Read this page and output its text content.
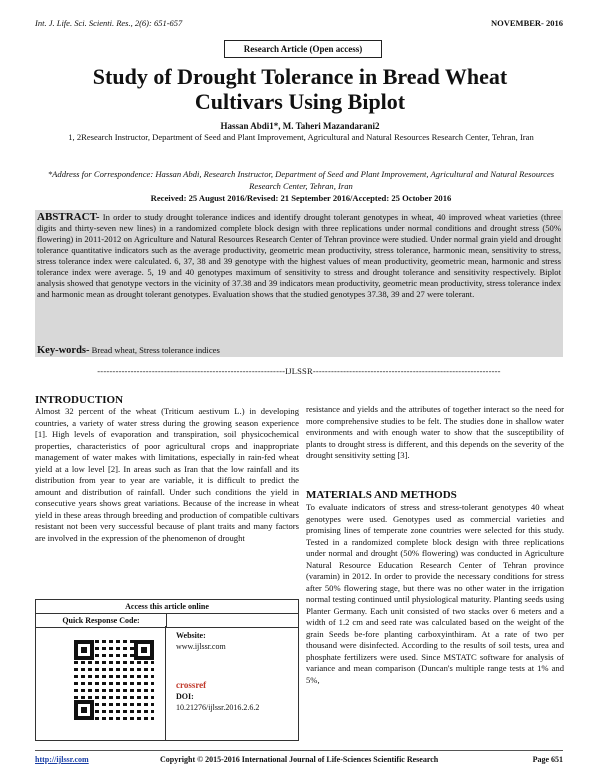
Int. J. Life. Sci. Scienti. Res., 2(6): 651-657	NOVEMBER- 2016
Research Article (Open access)
Study of Drought Tolerance in Bread Wheat
Cultivars Using Biplot
Hassan Abdi1*, M. Taheri Mazandarani2
1, 2Research Instructor, Department of Seed and Plant Improvement, Agricultural and Natural Resources Research Center, Tehran, Iran
*Address for Correspondence: Hassan Abdi, Research Instructor, Department of Seed and Plant Improvement, Agricultural and Natural Resources Research Center, Tehran, Iran
Received: 25 August 2016/Revised: 21 September 2016/Accepted: 25 October 2016
ABSTRACT- In order to study drought tolerance indices and identify drought tolerant genotypes in wheat, 40 improved wheat varieties (three digits and thirty-seven new lines) in a randomized complete block design with three replications under normal conditions and drought stress (50% flowering) in 2011-2012 on Agriculture and Natural Resources Research Center of Tehran province were studied. Under normal grain yield and drought tolerance quantitative indicators such as the average productivity, geometric mean productivity, stress tolerance, harmonic mean, sensitivity to stress, stress tolerance index were calculated. 6, 37, 38 and 39 genotype with the highest values of mean productivity, geometric mean, harmonic and stress tolerance index were average. 5, 19 and 40 genotypes maximum of sensitivity to stress and drought tolerance and sensitivity respectively. Biplot analysis showed that genotype vectors in the vicinity of 37.38 and 39 indicators mean productivity, geometric mean productivity, stress tolerance index and harmonic mean as drought tolerant genotypes. Evaluation shows that the studied genotypes 37.38, 39 and 27 were tolerant.
Key-words- Bread wheat, Stress tolerance indices
--------------------------------------------------------------IJLSSR--------------------------------------------------------------
INTRODUCTION

Almost 32 percent of the wheat (Triticum aestivum L.) in developing countries, a variety of water stress during the growing season experience [1]. High levels of evaporation and transpiration, soil physicochemical properties, characteristics of poor agricultural crops and inappropriate management of water makes with limitations, especially in rain-fed wheat yield at a low level [2]. In areas such as Iran that the low rainfall and its distribution from year to year are variable, it is difficult to predict the amount and distribution of rainfall. Under such conditions the yield in consecutive years shows great variations. Because of the increase in wheat yield in these areas through breeding and production of compatible cultivars resistant not been very successful because of plant traits and many factors are involved in the expression of the phenomenon of drought

resistance and yields and the attributes of together interact so the need for more comprehensive studies to be felt. The studies done in shallow water environments and with enough water to show that the susceptibility of plants to drought stress is different, and this depends on the severity of the drought sensitivity setting [3].

MATERIALS AND METHODS

To evaluate indicators of stress and stress-tolerant genotypes 40 wheat genotypes were used. Genotypes used as commercial varieties and promising lines of temperate zone countries were selected for this study. Tested in a randomized complete block design with three replications under normal and drought (50% flowering) was conducted in Agriculture Natural Resource Education Research Center of Tehran province (varamin) in 2012. In order to provide the necessary conditions for stress after 50% flowering stage, but there was no other water in the irrigation normal testing continued until physiological maturity. Planting seeds using Planter Germany. Each unit consisted of two stacks over 6 meters and a width of 1.2 cm and seed rate was calculated based on the weight of the grain Seeds be-fore planting carboxyinthiram. At a rate of two per thousand were disinfected. According to the results of soil tests, urea and phosphate fertilizers were used. Since MSTATC software for analysis of variance and mean comparison (Duncan's multiple range tests at 1% and 5%,

Access this article online
Quick Response Code:
Website:
www.ijlssr.com
crossref
DOI:
10.21276/ijlssr.2016.2.6.2
http://ijlssr.com	Copyright © 2015-2016 International Journal of Life-Sciences Scientific Research	Page 651
